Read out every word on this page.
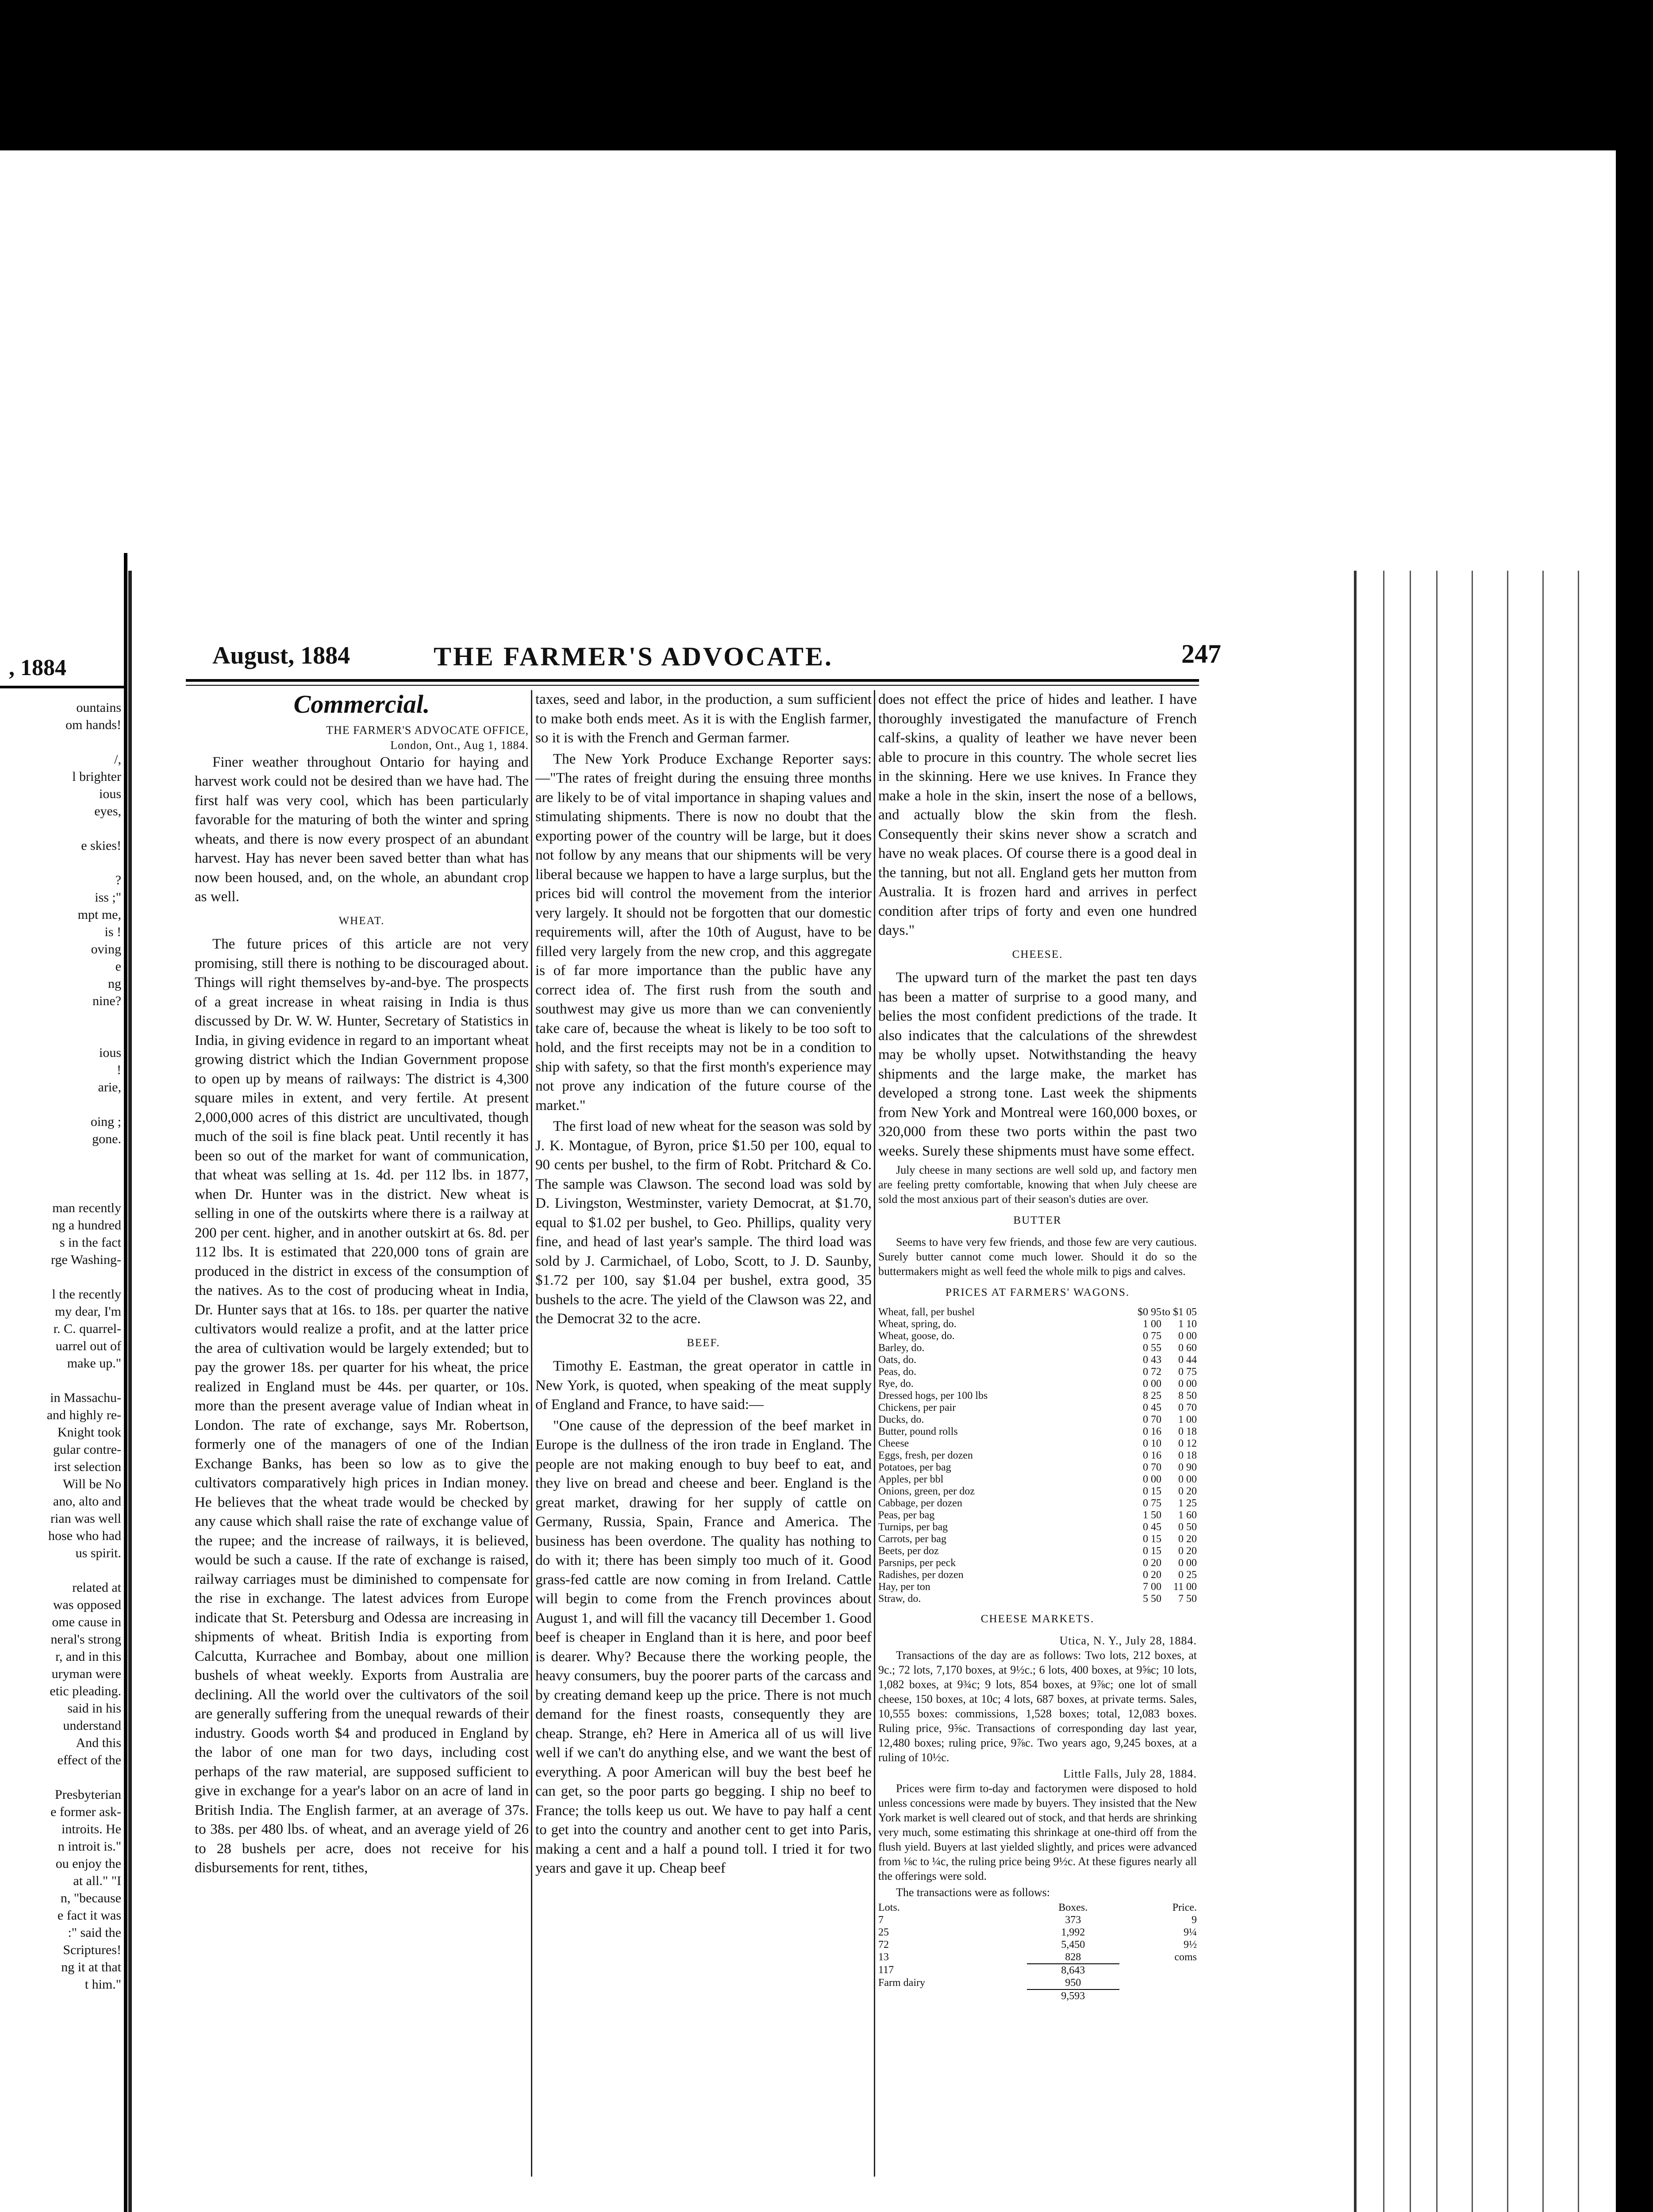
, 1884
ountains
om hands!
/,
l brighter
ious
eyes,
e skies!
?
iss ;"
mpt me,
is !
oving
e
ng
nine?
ious
!
arie,
oing ;
gone.
man recently
ng a hundred
s in the fact
rge Washing-
l the recently
my dear, I'm
r. C. quarrel-
uarrel out of
make up."
in Massachu-
and highly re-
Knight took
gular contre-
irst selection
Will be No
ano, alto and
rian was well
hose who had
us spirit.
related at
was opposed
ome cause in
neral's strong
r, and in this
uryman were
etic pleading.
said in his
understand
And this
effect of the
Presbyterian
e former ask-
introits. He
n introit is."
ou enjoy the
at all." "I
n, "because
e fact it was
:" said the
Scriptures!
ng it at that
t him."
August, 1884	THE FARMER'S ADVOCATE.	247
Commercial.
THE FARMER'S ADVOCATE OFFICE,
London, Ont., Aug 1, 1884.

Finer weather throughout Ontario for haying and harvest work could not be desired than we have had. The first half was very cool, which has been particularly favorable for the maturing of both the winter and spring wheats, and there is now every prospect of an abundant harvest. Hay has never been saved better than what has now been housed, and, on the whole, an abundant crop as well.

WHEAT.

The future prices of this article are not very promising, still there is nothing to be discouraged about. Things will right themselves by-and-bye. The prospects of a great increase in wheat raising in India is thus discussed by Dr. W. W. Hunter, Secretary of Statistics in India, in giving evidence in regard to an important wheat growing district which the Indian Government propose to open up by means of railways: The district is 4,300 square miles in extent, and very fertile. At present 2,000,000 acres of this district are uncultivated, though much of the soil is fine black peat. Until recently it has been so out of the market for want of communication, that wheat was selling at 1s. 4d. per 112 lbs. in 1877, when Dr. Hunter was in the district. New wheat is selling in one of the outskirts where there is a railway at 200 per cent. higher, and in another outskirt at 6s. 8d. per 112 lbs. It is estimated that 220,000 tons of grain are produced in the district in excess of the consumption of the natives. As to the cost of producing wheat in India, Dr. Hunter says that at 16s. to 18s. per quarter the native cultivators would realize a profit, and at the latter price the area of cultivation would be largely extended; but to pay the grower 18s. per quarter for his wheat, the price realized in England must be 44s. per quarter, or 10s. more than the present average value of Indian wheat in London. The rate of exchange, says Mr. Robertson, formerly one of the managers of one of the Indian Exchange Banks, has been so low as to give the cultivators comparatively high prices in Indian money. He believes that the wheat trade would be checked by any cause which shall raise the rate of exchange value of the rupee; and the increase of railways, it is believed, would be such a cause. If the rate of exchange is raised, railway carriages must be diminished to compensate for the rise in exchange. The latest advices from Europe indicate that St. Petersburg and Odessa are increasing in shipments of wheat. British India is exporting from Calcutta, Kurrachee and Bombay, about one million bushels of wheat weekly. Exports from Australia are declining. All the world over the cultivators of the soil are generally suffering from the unequal rewards of their industry. Goods worth $4 and produced in England by the labor of one man for two days, including cost perhaps of the raw material, are supposed sufficient to give in exchange for a year's labor on an acre of land in British India. The English farmer, at an average of 37s. to 38s. per 480 lbs. of wheat, and an average yield of 26 to 28 bushels per acre, does not receive for his disbursements for rent, tithes,

taxes, seed and labor, in the production, a sum sufficient to make both ends meet. As it is with the English farmer, so it is with the French and German farmer.

The New York Produce Exchange Reporter says:—"The rates of freight during the ensuing three months are likely to be of vital importance in shaping values and stimulating shipments. There is now no doubt that the exporting power of the country will be large, but it does not follow by any means that our shipments will be very liberal because we happen to have a large surplus, but the prices bid will control the movement from the interior very largely. It should not be forgotten that our domestic requirements will, after the 10th of August, have to be filled very largely from the new crop, and this aggregate is of far more importance than the public have any correct idea of. The first rush from the south and southwest may give us more than we can conveniently take care of, because the wheat is likely to be too soft to hold, and the first receipts may not be in a condition to ship with safety, so that the first month's experience may not prove any indication of the future course of the market."

The first load of new wheat for the season was sold by J. K. Montague, of Byron, price $1.50 per 100, equal to 90 cents per bushel, to the firm of Robt. Pritchard & Co. The sample was Clawson. The second load was sold by D. Livingston, Westminster, variety Democrat, at $1.70, equal to $1.02 per bushel, to Geo. Phillips, quality very fine, and head of last year's sample. The third load was sold by J. Carmichael, of Lobo, Scott, to J. D. Saunby, $1.72 per 100, say $1.04 per bushel, extra good, 35 bushels to the acre. The yield of the Clawson was 22, and the Democrat 32 to the acre.

BEEF.

Timothy E. Eastman, the great operator in cattle in New York, is quoted, when speaking of the meat supply of England and France, to have said:—

"One cause of the depression of the beef market in Europe is the dullness of the iron trade in England. The people are not making enough to buy beef to eat, and they live on bread and cheese and beer. England is the great market, drawing for her supply of cattle on Germany, Russia, Spain, France and America. The business has been overdone. The quality has nothing to do with it; there has been simply too much of it. Good grass-fed cattle are now coming in from Ireland. Cattle will begin to come from the French provinces about August 1, and will fill the vacancy till December 1. Good beef is cheaper in England than it is here, and poor beef is dearer. Why? Because there the working people, the heavy consumers, buy the poorer parts of the carcass and by creating demand keep up the price. There is not much demand for the finest roasts, consequently they are cheap. Strange, eh? Here in America all of us will live well if we can't do anything else, and we want the best of everything. A poor American will buy the best beef he can get, so the poor parts go begging. I ship no beef to France; the tolls keep us out. We have to pay half a cent to get into the country and another cent to get into Paris, making a cent and a half a pound toll. I tried it for two years and gave it up. Cheap beef

does not effect the price of hides and leather. I have thoroughly investigated the manufacture of French calf-skins, a quality of leather we have never been able to procure in this country. The whole secret lies in the skinning. Here we use knives. In France they make a hole in the skin, insert the nose of a bellows, and actually blow the skin from the flesh. Consequently their skins never show a scratch and have no weak places. Of course there is a good deal in the tanning, but not all. England gets her mutton from Australia. It is frozen hard and arrives in perfect condition after trips of forty and even one hundred days."

CHEESE.

The upward turn of the market the past ten days has been a matter of surprise to a good many, and belies the most confident predictions of the trade. It also indicates that the calculations of the shrewdest may be wholly upset. Notwithstanding the heavy shipments and the large make, the market has developed a strong tone. Last week the shipments from New York and Montreal were 160,000 boxes, or 320,000 from these two ports within the past two weeks. Surely these shipments must have some effect.

July cheese in many sections are well sold up, and factory men are feeling pretty comfortable, knowing that when July cheese are sold the most anxious part of their season's duties are over.

BUTTER

Seems to have very few friends, and those few are very cautious. Surely butter cannot come much lower. Should it do so the buttermakers might as well feed the whole milk to pigs and calves.

PRICES AT FARMERS' WAGONS.
Wheat, fall, per bushel	$0 95	to $1 05
Wheat, spring, do.	1 00	1 10
Wheat, goose, do.	0 75	0 00
Barley, do.	0 55	0 60
Oats, do.	0 43	0 44
Peas, do.	0 72	0 75
Rye, do.	0 00	0 00
Dressed hogs, per 100 lbs	8 25	8 50
Chickens, per pair	0 45	0 70
Ducks, do.	0 70	1 00
Butter, pound rolls	0 16	0 18
Cheese	0 10	0 12
Eggs, fresh, per dozen	0 16	0 18
Potatoes, per bag	0 70	0 90
Apples, per bbl	0 00	0 00
Onions, green, per doz	0 15	0 20
Cabbage, per dozen	0 75	1 25
Peas, per bag	1 50	1 60
Turnips, per bag	0 45	0 50
Carrots, per bag	0 15	0 20
Beets, per doz	0 15	0 20
Parsnips, per peck	0 20	0 00
Radishes, per dozen	0 20	0 25
Hay, per ton	7 00	11 00
Straw, do.	5 50	7 50
CHEESE MARKETS.
Utica, N. Y., July 28, 1884.

Transactions of the day are as follows: Two lots, 212 boxes, at 9c.; 72 lots, 7,170 boxes, at 9½c.; 6 lots, 400 boxes, at 9⅝c; 10 lots, 1,082 boxes, at 9¾c; 9 lots, 854 boxes, at 9⅞c; one lot of small cheese, 150 boxes, at 10c; 4 lots, 687 boxes, at private terms. Sales, 10,555 boxes: commissions, 1,528 boxes; total, 12,083 boxes. Ruling price, 9⅝c. Transactions of corresponding day last year, 12,480 boxes; ruling price, 9⅞c. Two years ago, 9,245 boxes, at a ruling of 10½c.

Little Falls, July 28, 1884.

Prices were firm to-day and factorymen were disposed to hold unless concessions were made by buyers. They insisted that the New York market is well cleared out of stock, and that herds are shrinking very much, some estimating this shrinkage at one-third off from the flush yield. Buyers at last yielded slightly, and prices were advanced from ⅛c to ¼c, the ruling price being 9½c. At these figures nearly all the offerings were sold.

The transactions were as follows:

Lots.	Boxes.	Price.
7	373	9
25	1,992	9¼
72	5,450	9½
13	828	coms
117	8,643	
Farm dairy	950	
	9,593	
